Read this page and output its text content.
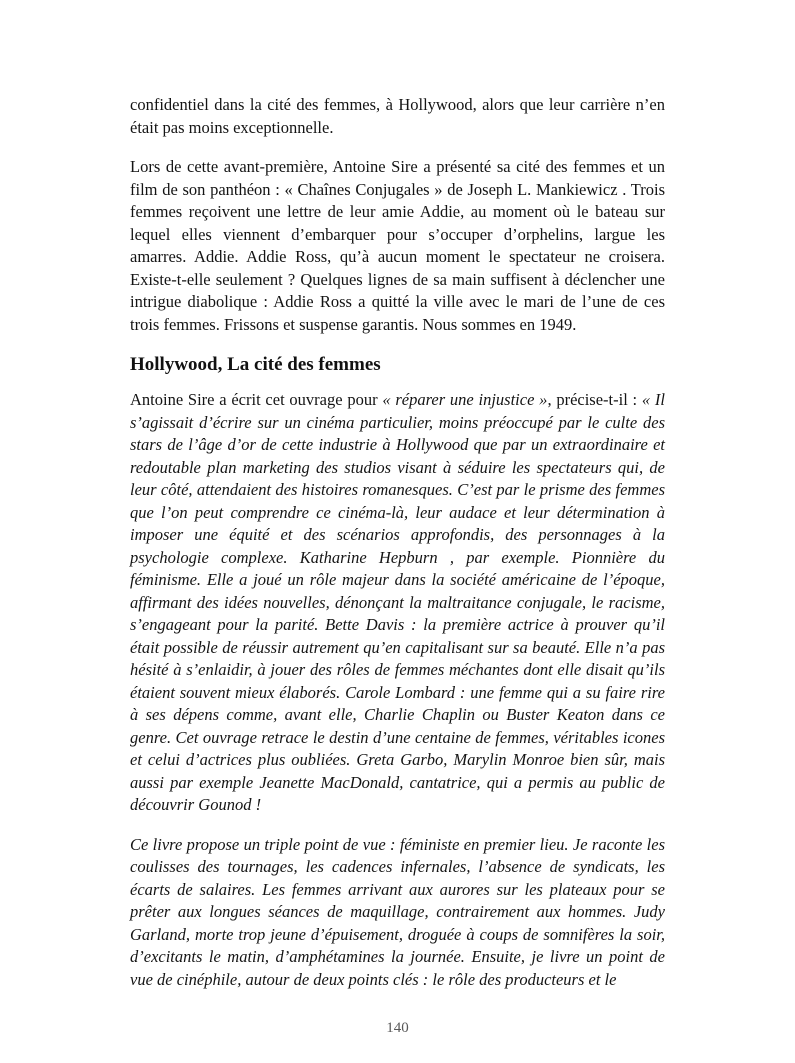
confidentiel dans la cité des femmes, à Hollywood, alors que leur carrière n’en était pas moins exceptionnelle.

Lors de cette avant-première, Antoine Sire a présenté sa cité des femmes et un film de son panthéon : « Chaînes Conjugales » de Joseph L. Mankiewicz . Trois femmes reçoivent une lettre de leur amie Addie, au moment où le bateau sur lequel elles viennent d’embarquer pour s’occuper d’orphelins, largue les amarres. Addie. Addie Ross, qu’à aucun moment le spectateur ne croisera. Existe-t-elle seulement ? Quelques lignes de sa main suffisent à déclencher une intrigue diabolique : Addie Ross a quitté la ville avec le mari de l’une de ces trois femmes. Frissons et suspense garantis. Nous sommes en 1949.

Hollywood, La cité des femmes

Antoine Sire a écrit cet ouvrage pour « réparer une injustice », précise-t-il : « Il s’agissait d’écrire sur un cinéma particulier, moins préoccupé par le culte des stars de l’âge d’or de cette industrie à Hollywood que par un extraordinaire et redoutable plan marketing des studios visant à séduire les spectateurs qui, de leur côté, attendaient des histoires romanesques. C’est par le prisme des femmes que l’on peut comprendre ce cinéma-là, leur audace et leur détermination à imposer une équité et des scénarios approfondis, des personnages à la psychologie complexe. Katharine Hepburn , par exemple. Pionnière du féminisme. Elle a joué un rôle majeur dans la société américaine de l’époque, affirmant des idées nouvelles, dénonçant la maltraitance conjugale, le racisme, s’engageant pour la parité. Bette Davis : la première actrice à prouver qu’il était possible de réussir autrement qu’en capitalisant sur sa beauté. Elle n’a pas hésité à s’enlaidir, à jouer des rôles de femmes méchantes dont elle disait qu’ils étaient souvent mieux élaborés. Carole Lombard : une femme qui a su faire rire à ses dépens comme, avant elle, Charlie Chaplin ou Buster Keaton dans ce genre. Cet ouvrage retrace le destin d’une centaine de femmes, véritables icones et celui d’actrices plus oubliées. Greta Garbo, Marylin Monroe bien sûr, mais aussi par exemple Jeanette MacDonald, cantatrice, qui a permis au public de découvrir Gounod !

Ce livre propose un triple point de vue : féministe en premier lieu. Je raconte les coulisses des tournages, les cadences infernales, l’absence de syndicats, les écarts de salaires. Les femmes arrivant aux aurores sur les plateaux pour se prêter aux longues séances de maquillage, contrairement aux hommes. Judy Garland, morte trop jeune d’épuisement, droguée à coups de somnifères la soir, d’excitants le matin, d’amphétamines la journée. Ensuite, je livre un point de vue de cinéphile, autour de deux points clés : le rôle des producteurs et le

140
